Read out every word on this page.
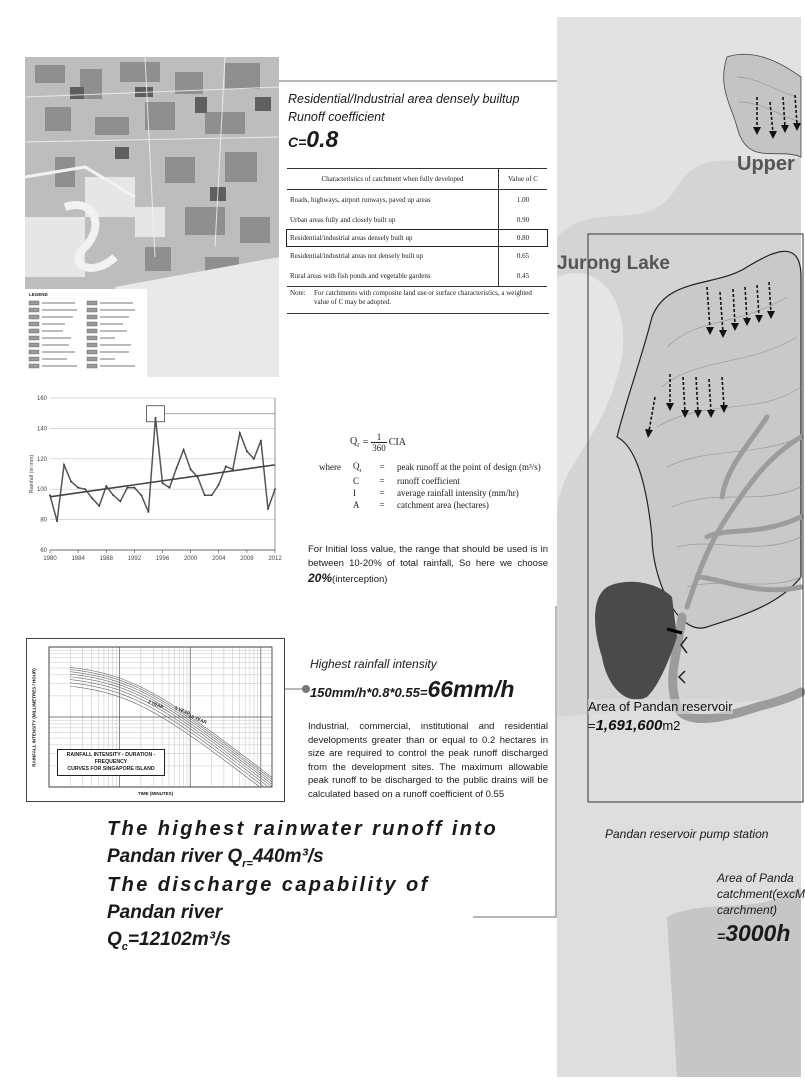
LEGEND
Residential/Industrial area densely builtup
Runoff coefficient
C=0.8
Characteristics of catchment when fully developed	Value of C
Roads, highways, airport runways, paved up areas	1.00
Urban areas fully and closely built up	0.90
Residential/industrial areas densely built up	0.80
Residential/industrial areas not densely built up	0.65
Rural areas with fish ponds and vegetable gardens	0.45
Note:	For catchments with composite land use or surface characteristics, a weighted value of C may be adopted.
60
80
100
120
140
160
1980 1984 1988 1992 1996 2000 2004 2008 2012
Rainfall (in mm)
$Q_r = \frac{1}{360}$ CIA
where	$Q_r$	=	peak runoff at the point of design (m³/s)
	C	=	runoff coefficient
	I	=	average rainfall intensity (mm/hr)
	A	=	catchment area (hectares)
For Initial loss value, the range that should be used is in between 10-20% of total rainfall, So here we choose 20%(interception)
2 YEAR
5 YEAR
10 YEAR
RAINFALL INTENSITY - DURATION - FREQUENCY
CURVES FOR SINGAPORE ISLAND
TIME (MINUTES)
RAINFALL INTENSITY (MILLIMETRES / HOUR)
Highest rainfall intensity
150mm/h*0.8*0.55=66mm/h
Industrial, commercial, institutional and residential developments greater than or equal to 0.2 hectares in size are required to control the peak runoff discharged from the development sites. The maximum allowable peak runoff to be discharged to the public drains will be calculated based on a runoff coefficient of 0.55
The highest rainwater runoff into
Pandan river $Q_{r=}440m^3/s$
The discharge capability of
Pandan river
$Q_c=12102m^3/s$
Upper
Jurong Lake
Area of Pandan reservoir
=1,691,600m2
Area of Panda
catchment(excM
carchment)
=3000h
Pandan reservoir pump station
